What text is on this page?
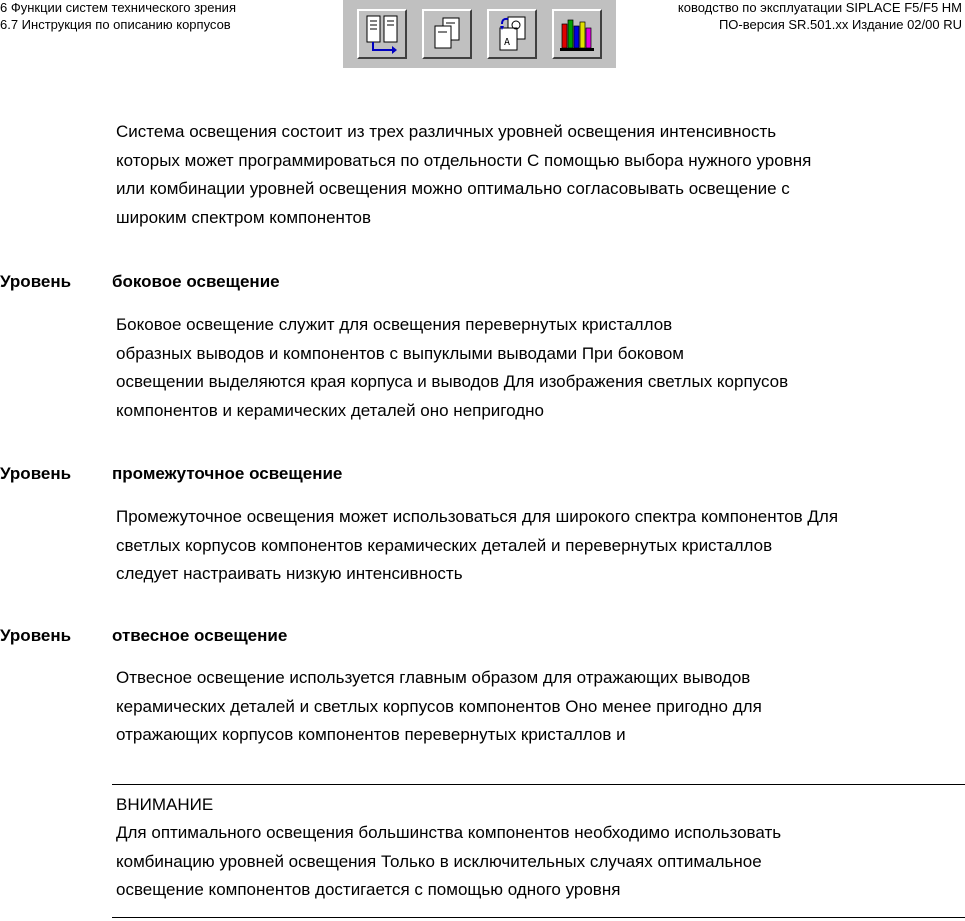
6 Функции систем технического зрения
6.7 Инструкция по описанию корпусов
ководство по эксплуатации SIPLACE F5/F5 HM
ПО-версия SR.501.xx Издание 02/00 RU
A
Система освещения состоит из трех различных уровней освещения интенсивность
которых может программироваться по отдельности С помощью выбора нужного уровня
или комбинации уровней освещения можно оптимально согласовывать освещение с
широким спектром компонентов
Уровень боковое освещение
Боковое освещение служит для освещения перевернутых кристаллов
образных выводов и компонентов с выпуклыми выводами При боковом
освещении выделяются края корпуса и выводов Для изображения светлых корпусов
компонентов и керамических деталей оно непригодно
Уровень промежуточное освещение
Промежуточное освещения может использоваться для широкого спектра компонентов Для
светлых корпусов компонентов керамических деталей и перевернутых кристаллов
следует настраивать низкую интенсивность
Уровень отвесное освещение
Отвесное освещение используется главным образом для отражающих выводов
керамических деталей и светлых корпусов компонентов Оно менее пригодно для
отражающих корпусов компонентов перевернутых кристаллов и
ВНИМАНИЕ
Для оптимального освещения большинства компонентов необходимо использовать
комбинацию уровней освещения Только в исключительных случаях оптимальное
освещение компонентов достигается с помощью одного уровня
